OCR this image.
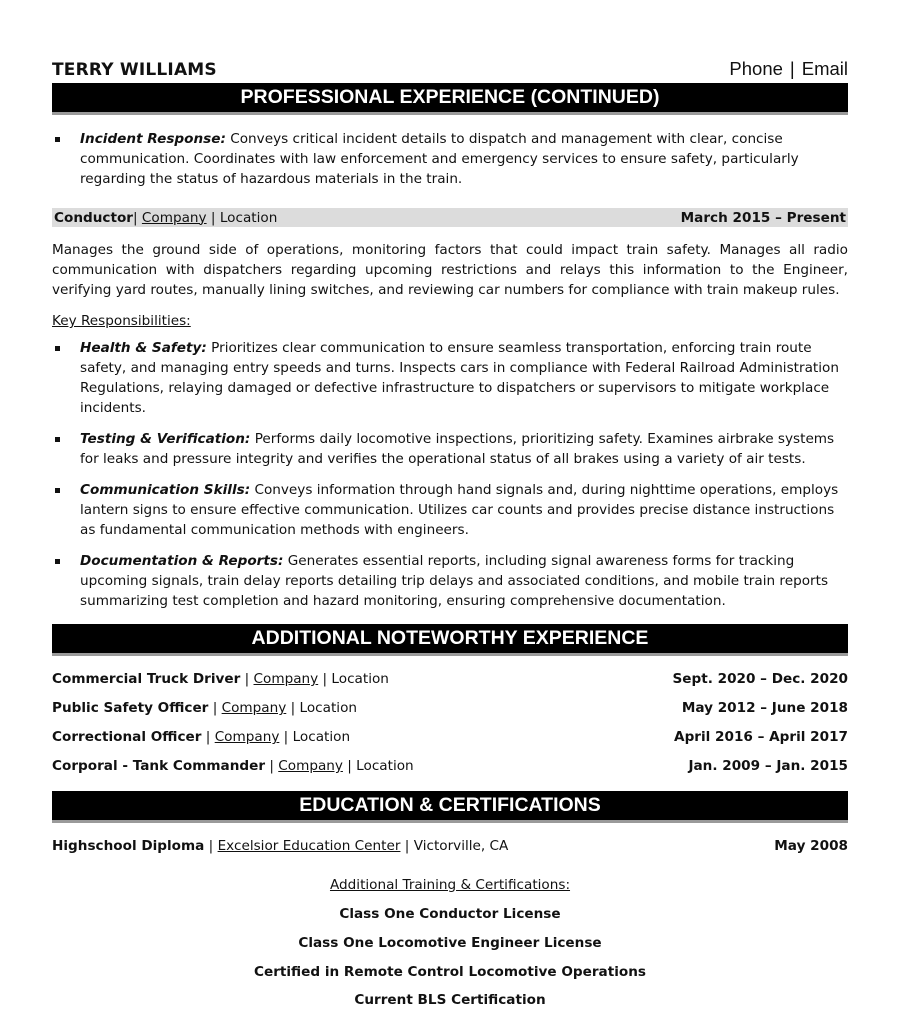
TERRY WILLIAMS	Phone | Email
PROFESSIONAL EXPERIENCE (CONTINUED)
Incident Response: Conveys critical incident details to dispatch and management with clear, concise communication. Coordinates with law enforcement and emergency services to ensure safety, particularly regarding the status of hazardous materials in the train.
Conductor| Company | Location	March 2015 – Present
Manages the ground side of operations, monitoring factors that could impact train safety. Manages all radio communication with dispatchers regarding upcoming restrictions and relays this information to the Engineer, verifying yard routes, manually lining switches, and reviewing car numbers for compliance with train makeup rules.
Key Responsibilities:
Health & Safety: Prioritizes clear communication to ensure seamless transportation, enforcing train route safety, and managing entry speeds and turns. Inspects cars in compliance with Federal Railroad Administration Regulations, relaying damaged or defective infrastructure to dispatchers or supervisors to mitigate workplace incidents.
Testing & Verification: Performs daily locomotive inspections, prioritizing safety. Examines airbrake systems for leaks and pressure integrity and verifies the operational status of all brakes using a variety of air tests.
Communication Skills: Conveys information through hand signals and, during nighttime operations, employs lantern signs to ensure effective communication. Utilizes car counts and provides precise distance instructions as fundamental communication methods with engineers.
Documentation & Reports: Generates essential reports, including signal awareness forms for tracking upcoming signals, train delay reports detailing trip delays and associated conditions, and mobile train reports summarizing test completion and hazard monitoring, ensuring comprehensive documentation.
ADDITIONAL NOTEWORTHY EXPERIENCE
Commercial Truck Driver | Company | Location	Sept. 2020 – Dec. 2020
Public Safety Officer | Company | Location	May 2012 – June 2018
Correctional Officer | Company | Location	April 2016 – April 2017
Corporal - Tank Commander | Company | Location	Jan. 2009 – Jan. 2015
EDUCATION & CERTIFICATIONS
Highschool Diploma | Excelsior Education Center | Victorville, CA	May 2008
Additional Training & Certifications:
Class One Conductor License
Class One Locomotive Engineer License
Certified in Remote Control Locomotive Operations
Current BLS Certification
